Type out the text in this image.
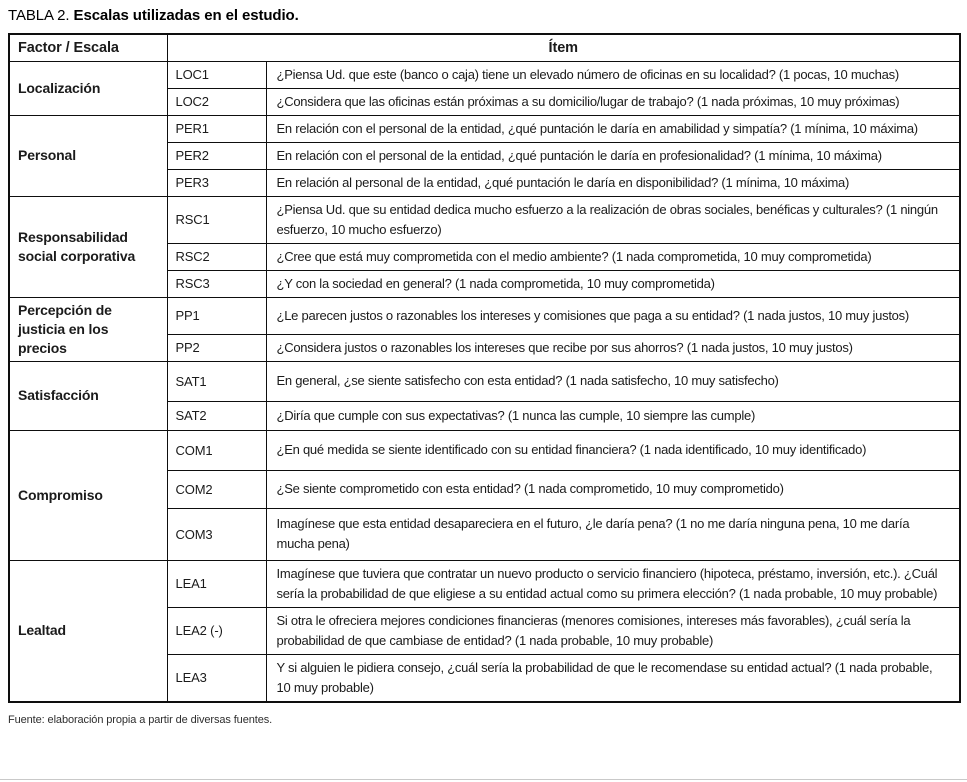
TABLA 2. Escalas utilizadas en el estudio.
Factor / Escala	Ítem	
Localización	LOC1	¿Piensa Ud. que este (banco o caja) tiene un elevado número de oficinas en su localidad? (1 pocas, 10 muchas)
	LOC2	¿Considera que las oficinas están próximas a su domicilio/lugar de trabajo? (1 nada próximas, 10 muy próximas)
Personal	PER1	En relación con el personal de la entidad, ¿qué puntación le daría en amabilidad y simpatía? (1 mínima, 10 máxima)
	PER2	En relación con el personal de la entidad, ¿qué puntación le daría en profesionalidad? (1 mínima, 10 máxima)
	PER3	En relación al personal de la entidad, ¿qué puntación le daría en disponibilidad? (1 mínima, 10 máxima)
Responsabilidad social corporativa	RSC1	¿Piensa Ud. que su entidad dedica mucho esfuerzo a la realización de obras sociales, benéficas y culturales? (1 ningún esfuerzo, 10 mucho esfuerzo)
	RSC2	¿Cree que está muy comprometida con el medio ambiente? (1 nada comprometida, 10 muy comprometida)
	RSC3	¿Y con la sociedad en general? (1 nada comprometida, 10 muy comprometida)
Percepción de justicia en los precios	PP1	¿Le parecen justos o razonables los intereses y comisiones que paga a su entidad? (1 nada justos, 10 muy justos)
	PP2	¿Considera justos o razonables los intereses que recibe por sus ahorros? (1 nada justos, 10 muy justos)
Satisfacción	SAT1	En general, ¿se siente satisfecho con esta entidad? (1 nada satisfecho, 10 muy satisfecho)
	SAT2	¿Diría que cumple con sus expectativas? (1 nunca las cumple, 10 siempre las cumple)
Compromiso	COM1	¿En qué medida se siente identificado con su entidad financiera? (1 nada identificado, 10 muy identificado)
	COM2	¿Se siente comprometido con esta entidad? (1 nada comprometido, 10 muy comprometido)
	COM3	Imagínese que esta entidad desapareciera en el futuro, ¿le daría pena? (1 no me daría ninguna pena, 10 me daría mucha pena)
Lealtad	LEA1	Imagínese que tuviera que contratar un nuevo producto o servicio financiero (hipoteca, préstamo, inversión, etc.). ¿Cuál sería la probabilidad de que eligiese a su entidad actual como su primera elección? (1 nada probable, 10 muy probable)
	LEA2 (-)	Si otra le ofreciera mejores condiciones financieras (menores comisiones, intereses más favorables), ¿cuál sería la probabilidad de que cambiase de entidad? (1 nada probable, 10 muy probable)
	LEA3	Y si alguien le pidiera consejo, ¿cuál sería la probabilidad de que le recomendase su entidad actual? (1 nada probable, 10 muy probable)
Fuente: elaboración propia a partir de diversas fuentes.
